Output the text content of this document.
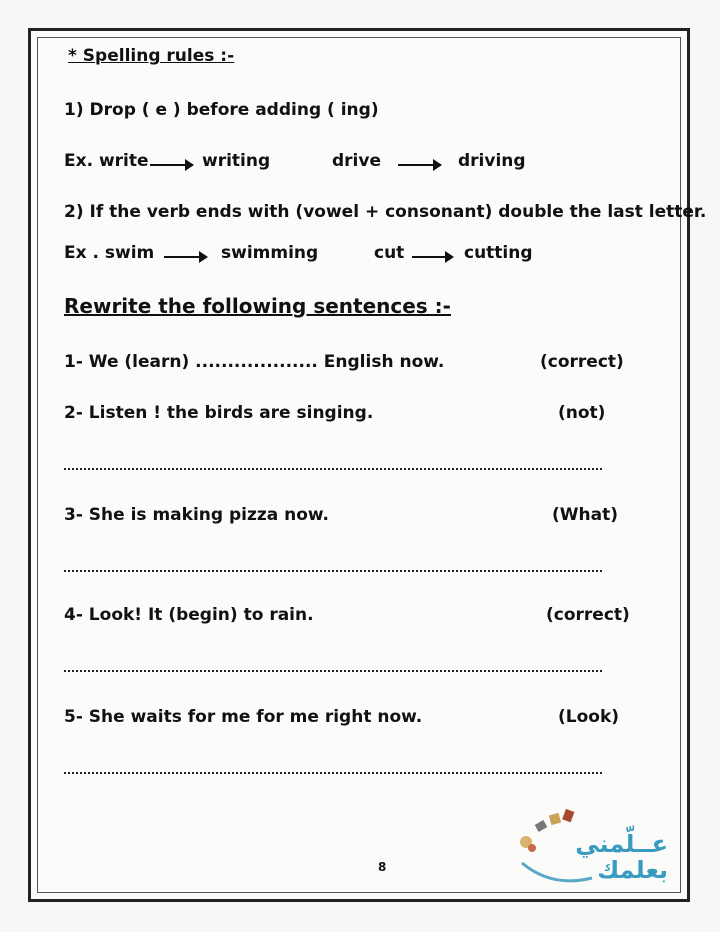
* Spelling rules :-
1) Drop ( e ) before adding ( ing)
Ex. write	writing	drive	driving
2) If the verb ends with (vowel + consonant) double the last letter.
Ex . swim	swimming	cut	cutting
Rewrite the following sentences :-
1- We (learn) ................... English now.	(correct)
2- Listen ! the birds are singing.	(not)
3- She is making pizza now.	(What)
4- Look! It (begin) to rain.	(correct)
5- She waits for me for me right now.	(Look)
8
عــلّمني
بعلمك
